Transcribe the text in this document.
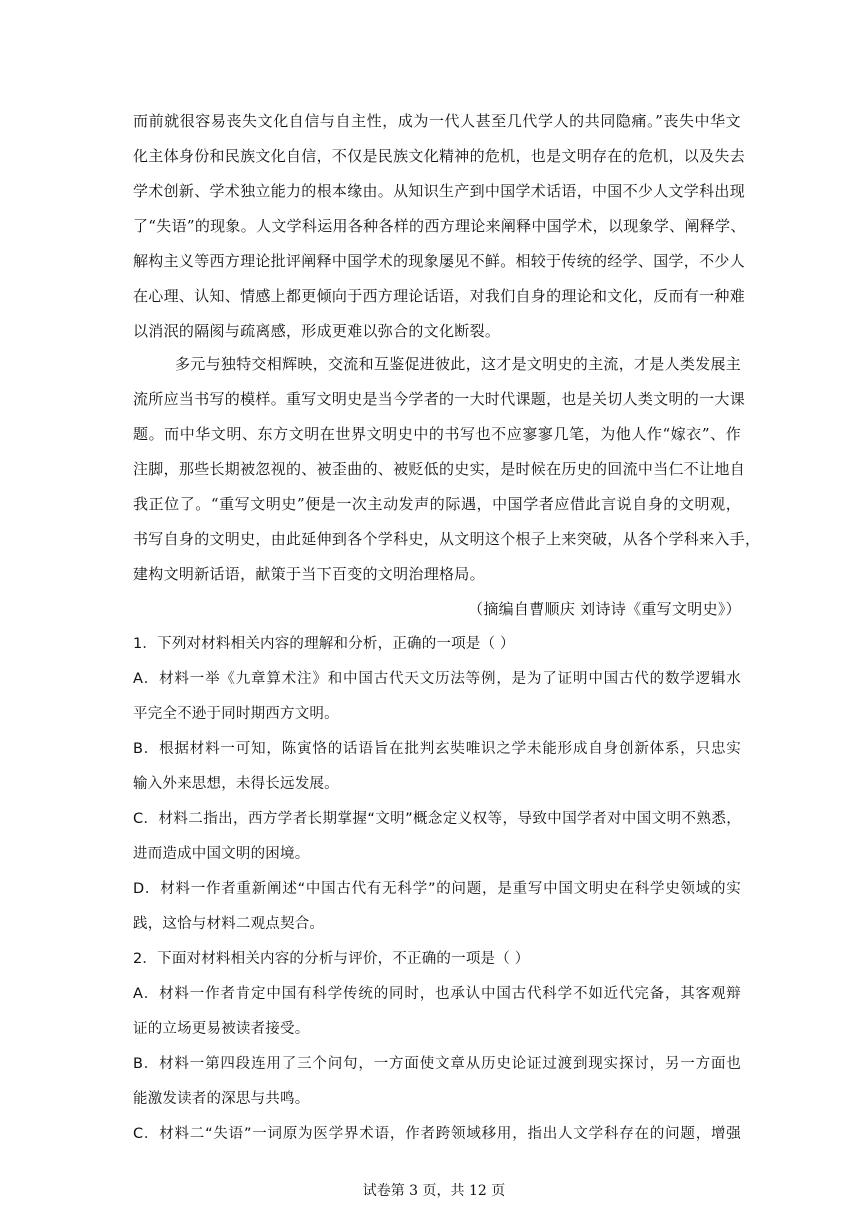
而前就很容易丧失文化自信与自主性，成为一代人甚至几代学人的共同隐痛。”丧失中华文
化主体身份和民族文化自信，不仅是民族文化精神的危机，也是文明存在的危机，以及失去
学术创新、学术独立能力的根本缘由。从知识生产到中国学术话语，中国不少人文学科出现
了“失语”的现象。人文学科运用各种各样的西方理论来阐释中国学术，以现象学、阐释学、
解构主义等西方理论批评阐释中国学术的现象屡见不鲜。相较于传统的经学、国学，不少人
在心理、认知、情感上都更倾向于西方理论话语，对我们自身的理论和文化，反而有一种难
以消泯的隔阂与疏离感，形成更难以弥合的文化断裂。
多元与独特交相辉映，交流和互鉴促进彼此，这才是文明史的主流，才是人类发展主
流所应当书写的模样。重写文明史是当今学者的一大时代课题，也是关切人类文明的一大课
题。而中华文明、东方文明在世界文明史中的书写也不应寥寥几笔，为他人作“嫁衣”、作
注脚，那些长期被忽视的、被歪曲的、被贬低的史实，是时候在历史的回流中当仁不让地自
我正位了。“重写文明史”便是一次主动发声的际遇，中国学者应借此言说自身的文明观，
书写自身的文明史，由此延伸到各个学科史，从文明这个根子上来突破，从各个学科来入手，
建构文明新话语，献策于当下百变的文明治理格局。
（摘编自曹顺庆 刘诗诗《重写文明史》）
1．下列对材料相关内容的理解和分析，正确的一项是（ ）
A．材料一举《九章算术注》和中国古代天文历法等例，是为了证明中国古代的数学逻辑水
平完全不逊于同时期西方文明。
B．根据材料一可知，陈寅恪的话语旨在批判玄奘唯识之学未能形成自身创新体系，只忠实
输入外来思想，未得长远发展。
C．材料二指出，西方学者长期掌握“文明”概念定义权等，导致中国学者对中国文明不熟悉，
进而造成中国文明的困境。
D．材料一作者重新阐述“中国古代有无科学”的问题，是重写中国文明史在科学史领域的实
践，这恰与材料二观点契合。
2．下面对材料相关内容的分析与评价，不正确的一项是（ ）
A．材料一作者肯定中国有科学传统的同时，也承认中国古代科学不如近代完备，其客观辩
证的立场更易被读者接受。
B．材料一第四段连用了三个问句，一方面使文章从历史论证过渡到现实探讨，另一方面也
能激发读者的深思与共鸣。
C．材料二“失语”一词原为医学界术语，作者跨领域移用，指出人文学科存在的问题，增强
试卷第 3 页，共 12 页
